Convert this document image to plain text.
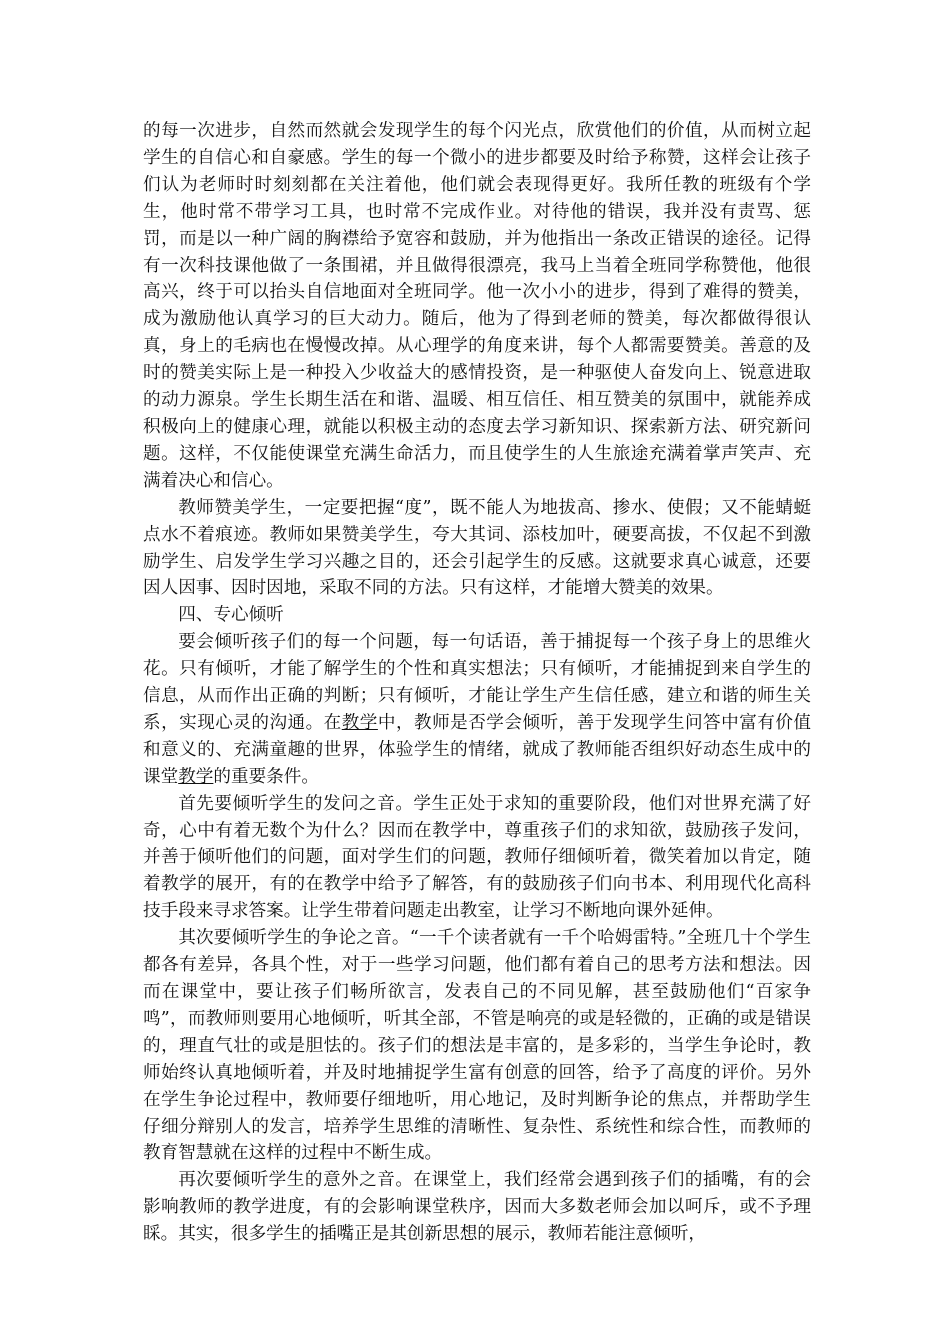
的每一次进步，自然而然就会发现学生的每个闪光点，欣赏他们的价值，从而树立起学生的自信心和自豪感。学生的每一个微小的进步都要及时给予称赞，这样会让孩子们认为老师时时刻刻都在关注着他，他们就会表现得更好。我所任教的班级有个学生，他时常不带学习工具，也时常不完成作业。对待他的错误，我并没有责骂、惩罚，而是以一种广阔的胸襟给予宽容和鼓励，并为他指出一条改正错误的途径。记得有一次科技课他做了一条围裙，并且做得很漂亮，我马上当着全班同学称赞他，他很高兴，终于可以抬头自信地面对全班同学。他一次小小的进步，得到了难得的赞美，成为激励他认真学习的巨大动力。随后，他为了得到老师的赞美，每次都做得很认真，身上的毛病也在慢慢改掉。从心理学的角度来讲，每个人都需要赞美。善意的及时的赞美实际上是一种投入少收益大的感情投资，是一种驱使人奋发向上、锐意进取的动力源泉。学生长期生活在和谐、温暖、相互信任、相互赞美的氛围中，就能养成积极向上的健康心理，就能以积极主动的态度去学习新知识、探索新方法、研究新问题。这样，不仅能使课堂充满生命活力，而且使学生的人生旅途充满着掌声笑声、充满着决心和信心。

教师赞美学生，一定要把握“度”，既不能人为地拔高、掺水、使假；又不能蜻蜓点水不着痕迹。教师如果赞美学生，夸大其词、添枝加叶，硬要高拔，不仅起不到激励学生、启发学生学习兴趣之目的，还会引起学生的反感。这就要求真心诚意，还要因人因事、因时因地，采取不同的方法。只有这样，才能增大赞美的效果。

四、专心倾听

要会倾听孩子们的每一个问题，每一句话语，善于捕捉每一个孩子身上的思维火花。只有倾听，才能了解学生的个性和真实想法；只有倾听，才能捕捉到来自学生的信息，从而作出正确的判断；只有倾听，才能让学生产生信任感，建立和谐的师生关系，实现心灵的沟通。在教学中，教师是否学会倾听，善于发现学生问答中富有价值和意义的、充满童趣的世界，体验学生的情绪，就成了教师能否组织好动态生成中的课堂教学的重要条件。

首先要倾听学生的发问之音。学生正处于求知的重要阶段，他们对世界充满了好奇，心中有着无数个为什么？因而在教学中，尊重孩子们的求知欲，鼓励孩子发问，并善于倾听他们的问题，面对学生们的问题，教师仔细倾听着，微笑着加以肯定，随着教学的展开，有的在教学中给予了解答，有的鼓励孩子们向书本、利用现代化高科技手段来寻求答案。让学生带着问题走出教室，让学习不断地向课外延伸。

其次要倾听学生的争论之音。“一千个读者就有一千个哈姆雷特。”全班几十个学生都各有差异，各具个性，对于一些学习问题，他们都有着自己的思考方法和想法。因而在课堂中，要让孩子们畅所欲言，发表自己的不同见解，甚至鼓励他们“百家争鸣”，而教师则要用心地倾听，听其全部，不管是响亮的或是轻微的，正确的或是错误的，理直气壮的或是胆怯的。孩子们的想法是丰富的，是多彩的，当学生争论时，教师始终认真地倾听着，并及时地捕捉学生富有创意的回答，给予了高度的评价。另外在学生争论过程中，教师要仔细地听，用心地记，及时判断争论的焦点，并帮助学生仔细分辩别人的发言，培养学生思维的清晰性、复杂性、系统性和综合性，而教师的教育智慧就在这样的过程中不断生成。

再次要倾听学生的意外之音。在课堂上，我们经常会遇到孩子们的插嘴，有的会影响教师的教学进度，有的会影响课堂秩序，因而大多数老师会加以呵斥，或不予理睬。其实，很多学生的插嘴正是其创新思想的展示，教师若能注意倾听，
